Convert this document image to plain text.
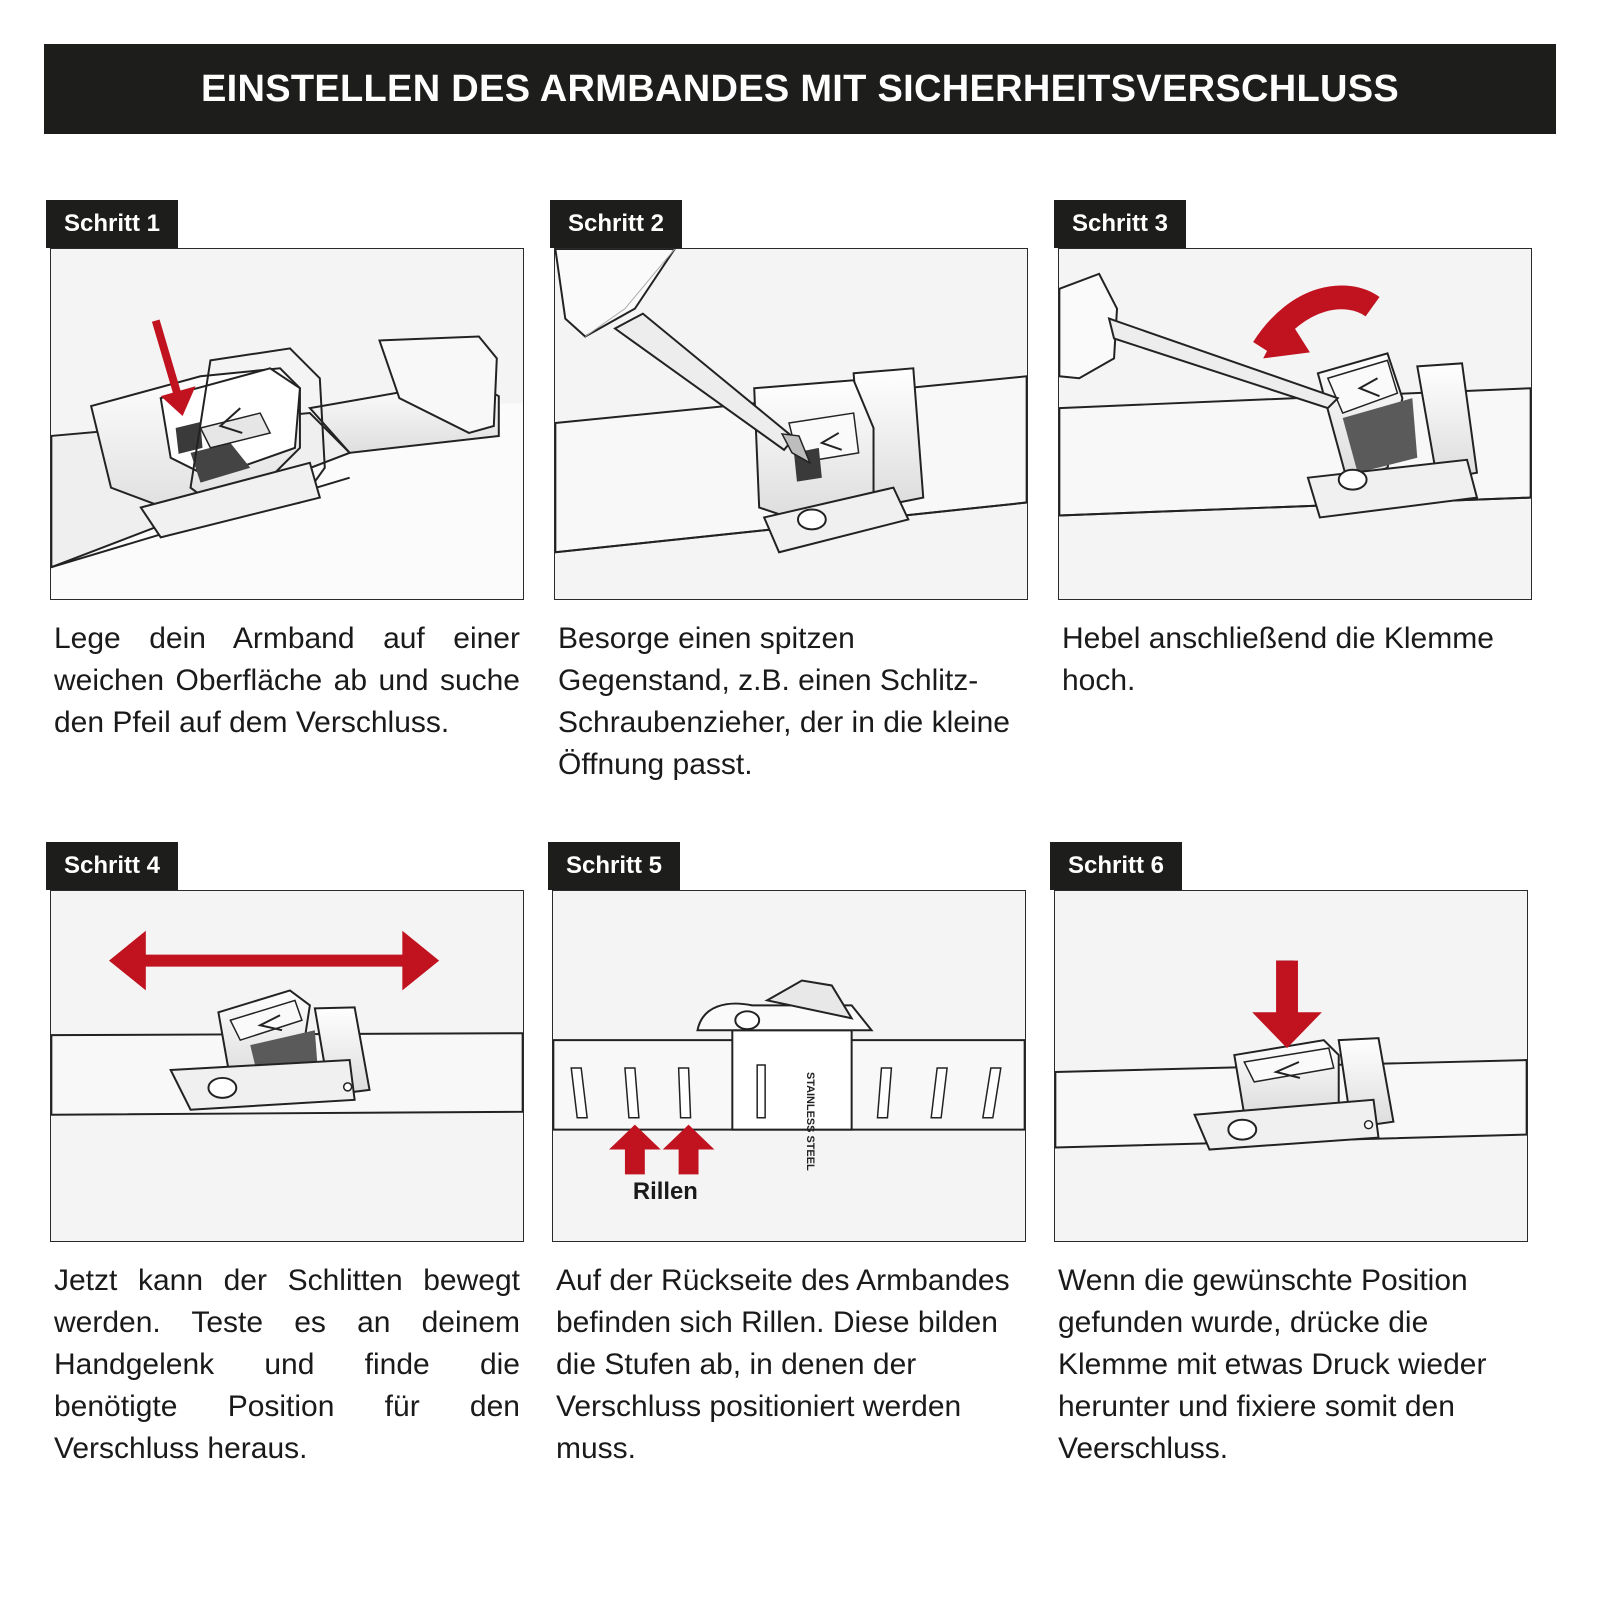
EINSTELLEN DES ARMBANDES MIT SICHERHEITSVERSCHLUSS
Schritt 1

Lege dein Armband auf einer weichen Oberfläche ab und suche den Pfeil auf dem Verschluss.

Schritt 2

Besorge einen spitzen Gegenstand, z.B. einen Schlitz-Schraubenzieher, der in die kleine Öffnung passt.

Schritt 3

Hebel anschließend die Klemme hoch.

Schritt 4

Jetzt kann der Schlitten bewegt werden. Teste es an deinem Handgelenk und finde die benötigte Position für den Verschluss heraus.

Schritt 5
STAINLESS STEEL
Rillen

Auf der Rückseite des Armbandes
befinden sich Rillen. Diese bilden die Stufen ab, in denen der Verschluss positioniert werden muss.

Schritt 6

Wenn die gewünschte Position gefunden wurde, drücke die Klemme mit etwas Druck wieder herunter und fixiere somit den Veerschluss.
